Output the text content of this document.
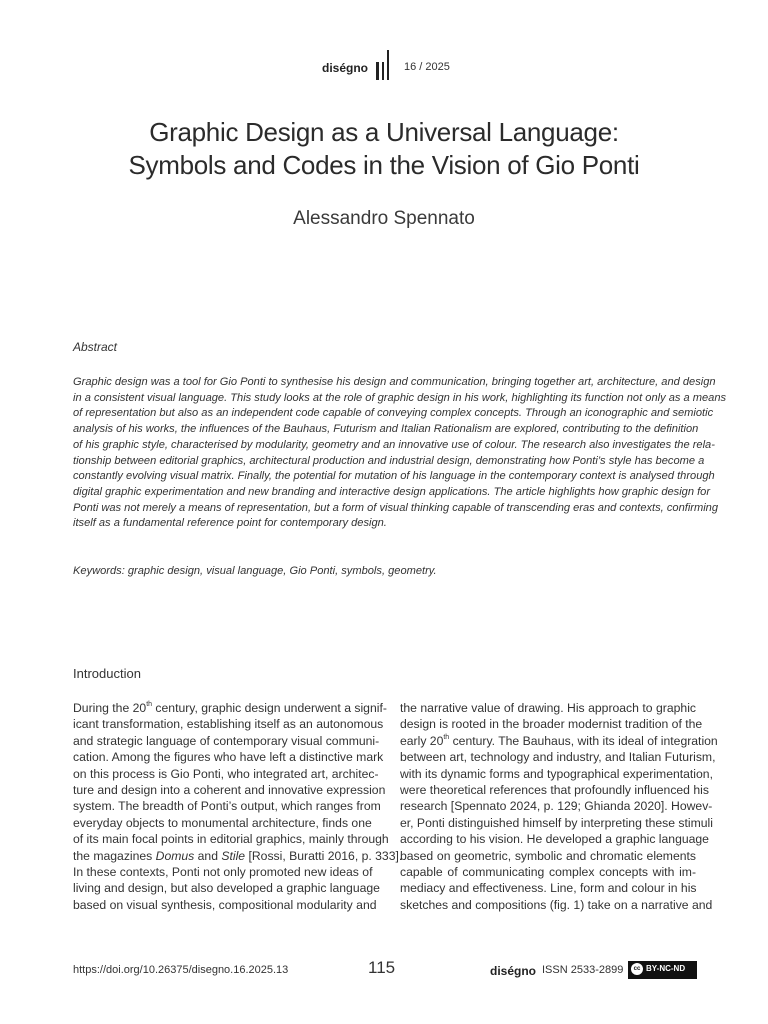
diségno	16 / 2025
Graphic Design as a Universal Language:
Symbols and Codes in the Vision of Gio Ponti
Alessandro Spennato
Abstract
Graphic design was a tool for Gio Ponti to synthesise his design and communication, bringing together art, architecture, and design
in a consistent visual language. This study looks at the role of graphic design in his work, highlighting its function not only as a means
of representation but also as an independent code capable of conveying complex concepts. Through an iconographic and semiotic
analysis of his works, the influences of the Bauhaus, Futurism and Italian Rationalism are explored, contributing to the definition
of his graphic style, characterised by modularity, geometry and an innovative use of colour. The research also investigates the rela-
tionship between editorial graphics, architectural production and industrial design, demonstrating how Ponti’s style has become a
constantly evolving visual matrix. Finally, the potential for mutation of his language in the contemporary context is analysed through
digital graphic experimentation and new branding and interactive design applications. The article highlights how graphic design for
Ponti was not merely a means of representation, but a form of visual thinking capable of transcending eras and contexts, confirming
itself as a fundamental reference point for contemporary design.
Keywords: graphic design, visual language, Gio Ponti, symbols, geometry.
Introduction
During the 20th century, graphic design underwent a signif-
icant transformation, establishing itself as an autonomous
and strategic language of contemporary visual communi-
cation. Among the figures who have left a distinctive mark
on this process is Gio Ponti, who integrated art, architec-
ture and design into a coherent and innovative expression
system. The breadth of Ponti’s output, which ranges from
everyday objects to monumental architecture, finds one
of its main focal points in editorial graphics, mainly through
the magazines Domus and Stile [Rossi, Buratti 2016, p. 333].
In these contexts, Ponti not only promoted new ideas of
living and design, but also developed a graphic language
based on visual synthesis, compositional modularity and
the narrative value of drawing. His approach to graphic
design is rooted in the broader modernist tradition of the
early 20th century. The Bauhaus, with its ideal of integration
between art, technology and industry, and Italian Futurism,
with its dynamic forms and typographical experimentation,
were theoretical references that profoundly influenced his
research [Spennato 2024, p. 129; Ghianda 2020]. Howev-
er, Ponti distinguished himself by interpreting these stimuli
according to his vision. He developed a graphic language
based on geometric, symbolic and chromatic elements
capable of communicating complex concepts with im-
mediacy and effectiveness. Line, form and colour in his
sketches and compositions (fig. 1) take on a narrative and
https://doi.org/10.26375/disegno.16.2025.13	115	diségno ISSN 2533-2899	cc BY-NC-ND
